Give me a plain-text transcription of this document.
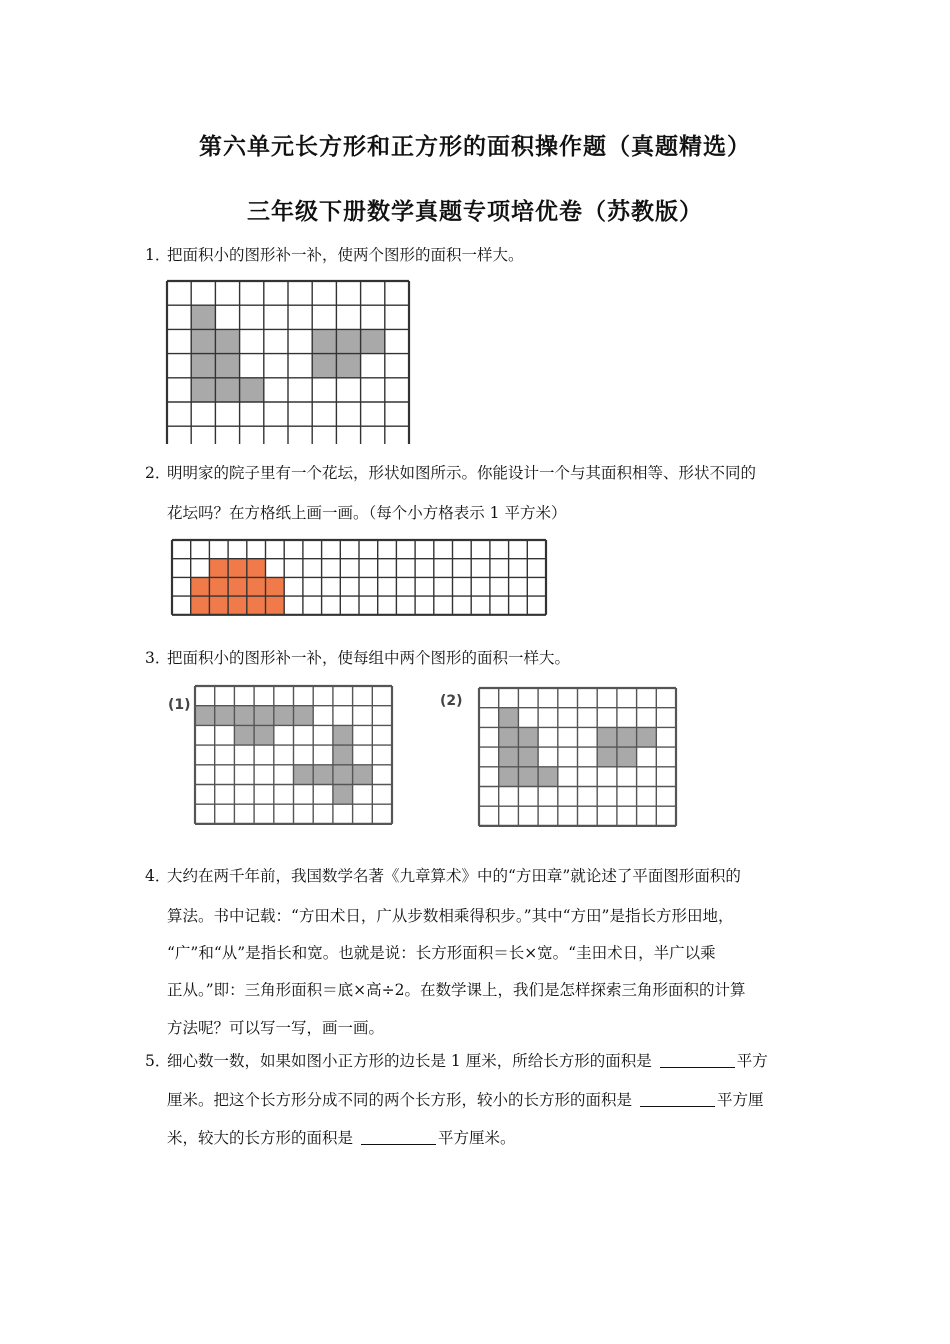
第六单元长方形和正方形的面积操作题（真题精选）
三年级下册数学真题专项培优卷（苏教版）
1．把面积小的图形补一补，使两个图形的面积一样大。
2．明明家的院子里有一个花坛，形状如图所示。你能设计一个与其面积相等、形状不同的
花坛吗？在方格纸上画一画。（每个小方格表示 1 平方米）
3．把面积小的图形补一补，使每组中两个图形的面积一样大。
(1)	(2)
4．大约在两千年前，我国数学名著《九章算术》中的“方田章”就论述了平面图形面积的
算法。书中记载：“方田术日，广从步数相乘得积步。”其中“方田”是指长方形田地，
“广”和“从”是指长和宽。也就是说：长方形面积＝长×宽。“圭田术日，半广以乘
正从。”即：三角形面积＝底×高÷2。在数学课上，我们是怎样探索三角形面积的计算
方法呢？可以写一写，画一画。
5．细心数一数，如果如图小正方形的边长是 1 厘米，所给长方形的面积是	平方
厘米。把这个长方形分成不同的两个长方形，较小的长方形的面积是	平方厘
米，较大的长方形的面积是	平方厘米。
